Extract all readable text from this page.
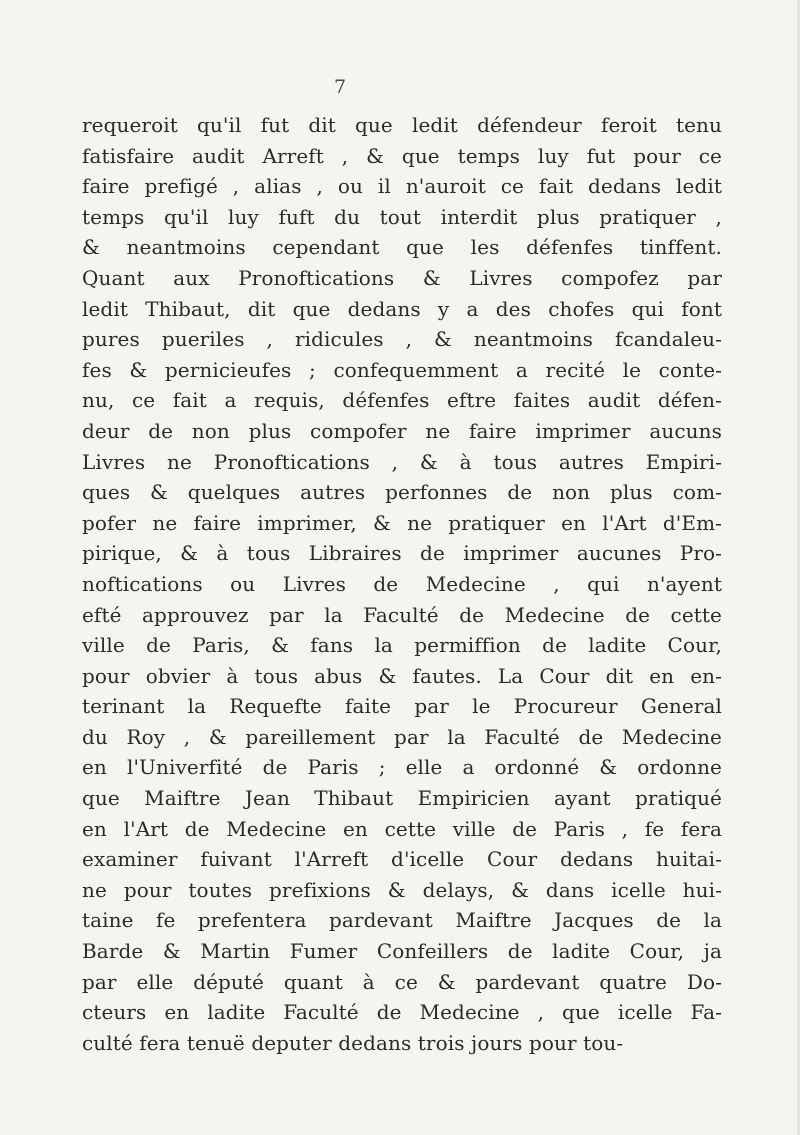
7
requeroit qu'il fut dit que ledit défendeur feroit tenu
fatisfaire audit Arreft , & que temps luy fut pour ce
faire prefigé , alias , ou il n'auroit ce fait dedans ledit
temps qu'il luy fuft du tout interdit plus pratiquer ,
& neantmoins cependant que les défenfes tinffent.
Quant aux Pronoftications & Livres compofez par
ledit Thibaut, dit que dedans y a des chofes qui font
pures pueriles , ridicules , & neantmoins fcandaleu-
fes & pernicieufes ; confequemment a recité le conte-
nu, ce fait a requis, défenfes eftre faites audit défen-
deur de non plus compofer ne faire imprimer aucuns
Livres ne Pronoftications , & à tous autres Empiri-
ques & quelques autres perfonnes de non plus com-
pofer ne faire imprimer, & ne pratiquer en l'Art d'Em-
pirique, & à tous Libraires de imprimer aucunes Pro-
noftications ou Livres de Medecine , qui n'ayent
efté approuvez par la Faculté de Medecine de cette
ville de Paris, & fans la permiffion de ladite Cour,
pour obvier à tous abus & fautes. La Cour dit en en-
terinant la Requefte faite par le Procureur General
du Roy , & pareillement par la Faculté de Medecine
en l'Univerfité de Paris ; elle a ordonné & ordonne
que Maiftre Jean Thibaut Empiricien ayant pratiqué
en l'Art de Medecine en cette ville de Paris , fe fera
examiner fuivant l'Arreft d'icelle Cour dedans huitai-
ne pour toutes prefixions & delays, & dans icelle hui-
taine fe prefentera pardevant Maiftre Jacques de la
Barde & Martin Fumer Confeillers de ladite Cour, ja
par elle député quant à ce & pardevant quatre Do-
cteurs en ladite Faculté de Medecine , que icelle Fa-
culté fera tenuë deputer dedans trois jours pour tou-
